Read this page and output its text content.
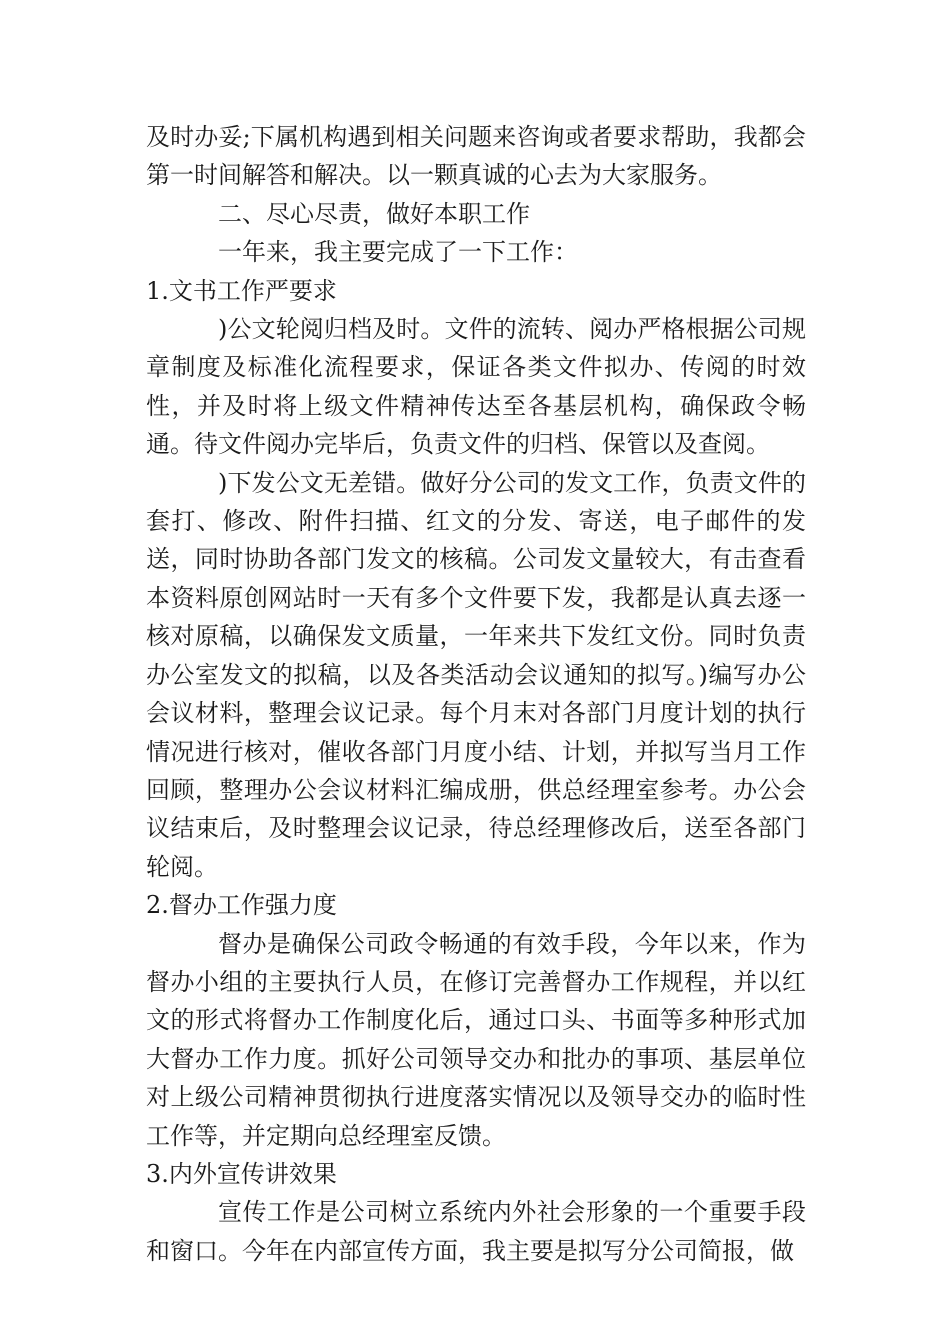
及时办妥;下属机构遇到相关问题来咨询或者要求帮助，我都会第一时间解答和解决。以一颗真诚的心去为大家服务。

二、尽心尽责，做好本职工作

一年来，我主要完成了一下工作：

1.文书工作严要求

)公文轮阅归档及时。文件的流转、阅办严格根据公司规章制度及标准化流程要求，保证各类文件拟办、传阅的时效性，并及时将上级文件精神传达至各基层机构，确保政令畅通。待文件阅办完毕后，负责文件的归档、保管以及查阅。

)下发公文无差错。做好分公司的发文工作，负责文件的套打、修改、附件扫描、红文的分发、寄送，电子邮件的发送，同时协助各部门发文的核稿。公司发文量较大，有击查看本资料原创网站时一天有多个文件要下发，我都是认真去逐一核对原稿，以确保发文质量，一年来共下发红文份。同时负责办公室发文的拟稿，以及各类活动会议通知的拟写。)编写办公会议材料，整理会议记录。每个月末对各部门月度计划的执行情况进行核对，催收各部门月度小结、计划，并拟写当月工作回顾，整理办公会议材料汇编成册，供总经理室参考。办公会议结束后，及时整理会议记录，待总经理修改后，送至各部门轮阅。

2.督办工作强力度

督办是确保公司政令畅通的有效手段，今年以来，作为督办小组的主要执行人员，在修订完善督办工作规程，并以红文的形式将督办工作制度化后，通过口头、书面等多种形式加大督办工作力度。抓好公司领导交办和批办的事项、基层单位对上级公司精神贯彻执行进度落实情况以及领导交办的临时性工作等，并定期向总经理室反馈。

3.内外宣传讲效果

宣传工作是公司树立系统内外社会形象的一个重要手段和窗口。今年在内部宣传方面，我主要是拟写分公司简报，做
